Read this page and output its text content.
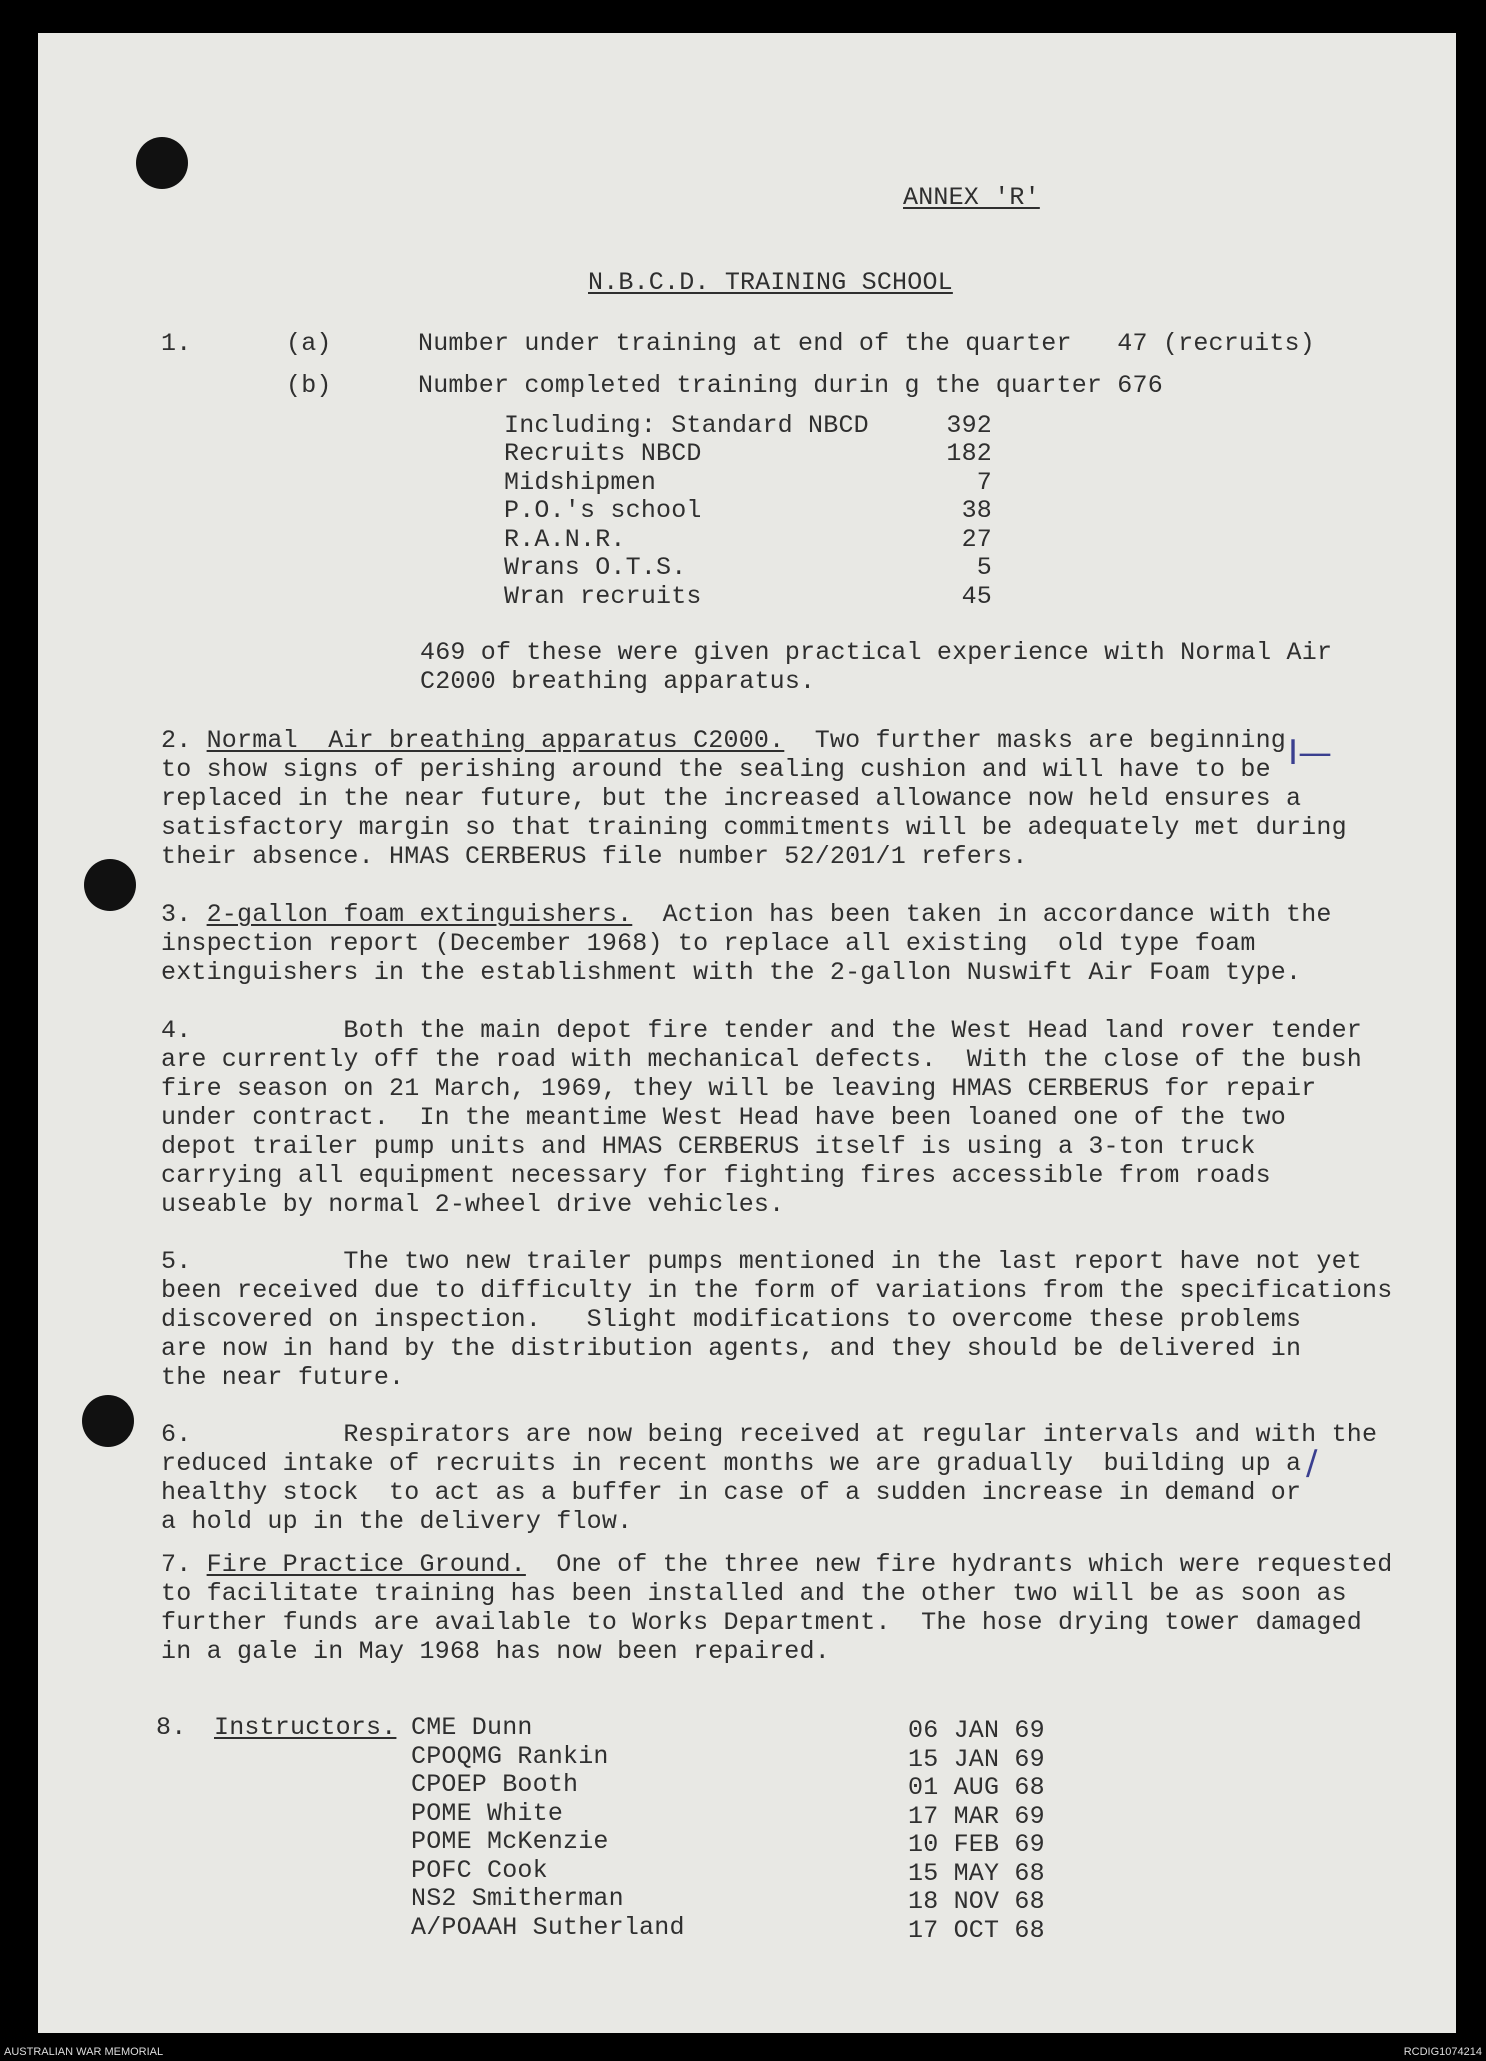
I—
∕
ANNEX 'R'
N.B.C.D. TRAINING SCHOOL
1.	(a)	Number under training at end of the quarter   47 (recruits)
(b)	Number completed training durin g the quarter 676
Including: Standard NBCD	392
Recruits NBCD	182
Midshipmen	7
P.O.'s school	38
R.A.N.R.	27
Wrans O.T.S.	5
Wran recruits	45
469 of these were given practical experience with Normal Air
C2000 breathing apparatus.
2. Normal  Air breathing apparatus C2000.  Two further masks are beginning
to show signs of perishing around the sealing cushion and will have to be
replaced in the near future, but the increased allowance now held ensures a
satisfactory margin so that training commitments will be adequately met during
their absence. HMAS CERBERUS file number 52/201/1 refers.
3. 2-gallon foam extinguishers.  Action has been taken in accordance with the
inspection report (December 1968) to replace all existing  old type foam
extinguishers in the establishment with the 2-gallon Nuswift Air Foam type.
4.          Both the main depot fire tender and the West Head land rover tender
are currently off the road with mechanical defects.  With the close of the bush
fire season on 21 March, 1969, they will be leaving HMAS CERBERUS for repair
under contract.  In the meantime West Head have been loaned one of the two
depot trailer pump units and HMAS CERBERUS itself is using a 3-ton truck
carrying all equipment necessary for fighting fires accessible from roads
useable by normal 2-wheel drive vehicles.
5.          The two new trailer pumps mentioned in the last report have not yet
been received due to difficulty in the form of variations from the specifications
discovered on inspection.   Slight modifications to overcome these problems
are now in hand by the distribution agents, and they should be delivered in
the near future.
6.          Respirators are now being received at regular intervals and with the
reduced intake of recruits in recent months we are gradually  building up a
healthy stock  to act as a buffer in case of a sudden increase in demand or
a hold up in the delivery flow.
7. Fire Practice Ground.  One of the three new fire hydrants which were requested
to facilitate training has been installed and the other two will be as soon as
further funds are available to Works Department.  The hose drying tower damaged
in a gale in May 1968 has now been repaired.
8. Instructors. CME Dunn	06 JAN 69
CPOQMG Rankin	15 JAN 69
CPOEP Booth	01 AUG 68
POME White	17 MAR 69
POME McKenzie	10 FEB 69
POFC Cook	15 MAY 68
NS2 Smitherman	18 NOV 68
A/POAAH Sutherland	17 OCT 68
AUSTRALIAN WAR MEMORIAL	RCDIG1074214
